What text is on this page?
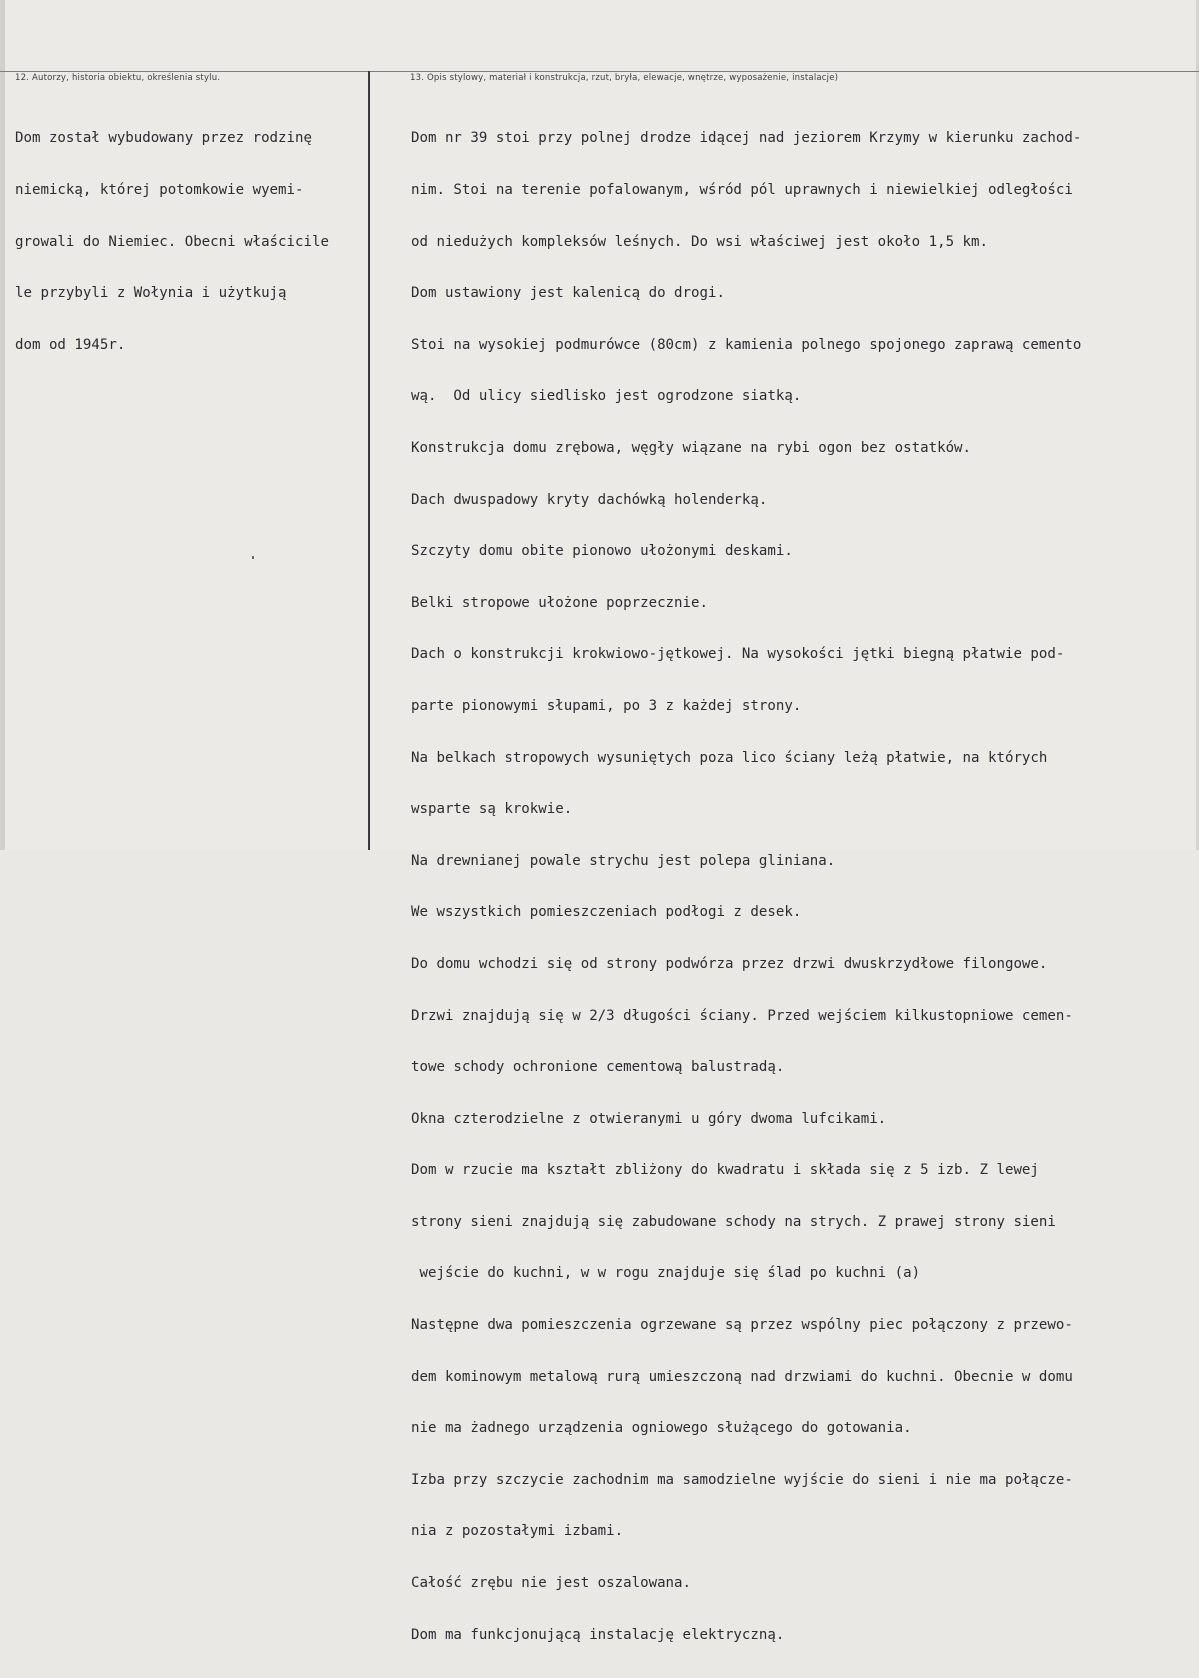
12. Autorzy, historia obiektu, określenia stylu.	13. Opis stylowy, materiał i konstrukcja, rzut, bryła, elewacje, wnętrze, wyposażenie, instalacje)

Dom został wybudowany przez rodzinę

niemicką, której potomkowie wyemi-

growali do Niemiec. Obecni właścicile

le przybyli z Wołynia i użytkują

dom od 1945r.

Dom nr 39 stoi przy polnej drodze idącej nad jeziorem Krzymy w kierunku zachod-

nim. Stoi na terenie pofalowanym, wśród pól uprawnych i niewielkiej odległości

od niedużych kompleksów leśnych. Do wsi właściwej jest około 1,5 km.

Dom ustawiony jest kalenicą do drogi.

Stoi na wysokiej podmurówce (80cm) z kamienia polnego spojonego zaprawą cemento

wą.  Od ulicy siedlisko jest ogrodzone siatką.

Konstrukcja domu zrębowa, węgły wiązane na rybi ogon bez ostatków.

Dach dwuspadowy kryty dachówką holenderką.

Szczyty domu obite pionowo ułożonymi deskami.

Belki stropowe ułożone poprzecznie.

Dach o konstrukcji krokwiowo-jętkowej. Na wysokości jętki biegną płatwie pod-

parte pionowymi słupami, po 3 z każdej strony.

Na belkach stropowych wysuniętych poza lico ściany leżą płatwie, na których

wsparte są krokwie.

Na drewnianej powale strychu jest polepa gliniana.

We wszystkich pomieszczeniach podłogi z desek.

Do domu wchodzi się od strony podwórza przez drzwi dwuskrzydłowe filongowe.

Drzwi znajdują się w 2/3 długości ściany. Przed wejściem kilkustopniowe cemen-

towe schody ochronione cementową balustradą.

Okna czterodzielne z otwieranymi u góry dwoma lufcikami.

Dom w rzucie ma kształt zbliżony do kwadratu i składa się z 5 izb. Z lewej

strony sieni znajdują się zabudowane schody na strych. Z prawej strony sieni

wejście do kuchni, w w rogu znajduje się ślad po kuchni (a)

Następne dwa pomieszczenia ogrzewane są przez wspólny piec połączony z przewo-

dem kominowym metalową rurą umieszczoną nad drzwiami do kuchni. Obecnie w domu

nie ma żadnego urządzenia ogniowego służącego do gotowania.

Izba przy szczycie zachodnim ma samodzielne wyjście do sieni i nie ma połącze-

nia z pozostałymi izbami.

Całość zrębu nie jest oszalowana.

Dom ma funkcjonującą instalację elektryczną.
